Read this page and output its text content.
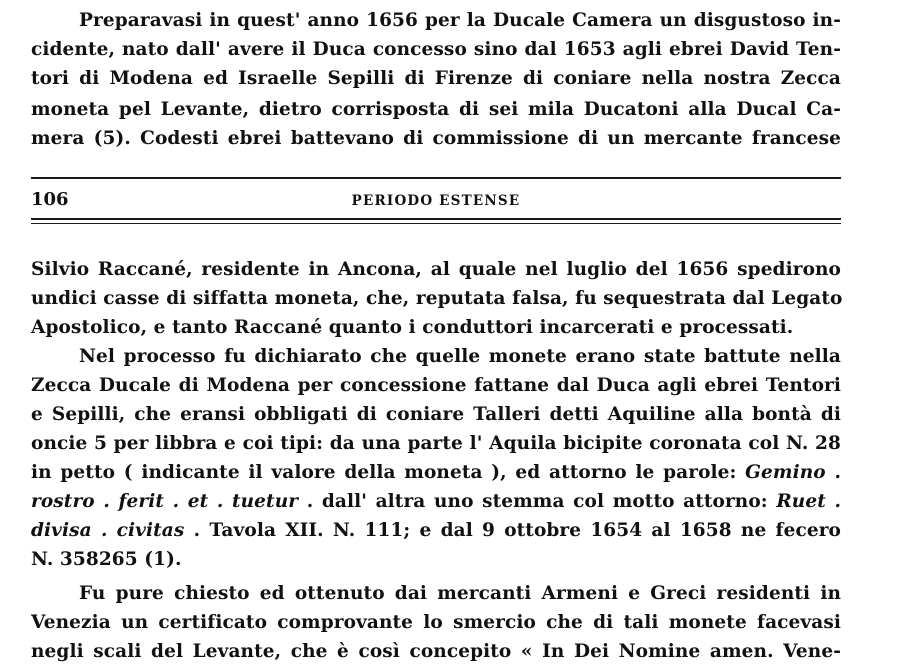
Preparavasi in quest' anno 1656 per la Ducale Camera un disgustoso in-
cidente, nato dall' avere il Duca concesso sino dal 1653 agli ebrei David Ten-
tori di Modena ed Israelle Sepilli di Firenze di coniare nella nostra Zecca
moneta pel Levante, dietro corrisposta di sei mila Ducatoni alla Ducal Ca-
mera (5). Codesti ebrei battevano di commissione di un mercante francese
106	PERIODO ESTENSE
Silvio Raccané, residente in Ancona, al quale nel luglio del 1656 spedirono
undici casse di siffatta moneta, che, reputata falsa, fu sequestrata dal Legato
Apostolico, e tanto Raccané quanto i conduttori incarcerati e processati.
Nel processo fu dichiarato che quelle monete erano state battute nella
Zecca Ducale di Modena per concessione fattane dal Duca agli ebrei Tentori
e Sepilli, che eransi obbligati di coniare Talleri detti Aquiline alla bontà di
oncie 5 per libbra e coi tipi: da una parte l' Aquila bicipite coronata col N. 28
in petto ( indicante il valore della moneta ), ed attorno le parole: Gemino .
rostro . ferit . et . tuetur . dall' altra uno stemma col motto attorno: Ruet .
divisa . civitas . Tavola XII. N. 111; e dal 9 ottobre 1654 al 1658 ne fecero
N. 358265 (1).
Fu pure chiesto ed ottenuto dai mercanti Armeni e Greci residenti in
Venezia un certificato comprovante lo smercio che di tali monete facevasi
negli scali del Levante, che è così concepito « In Dei Nomine amen. Vene-
